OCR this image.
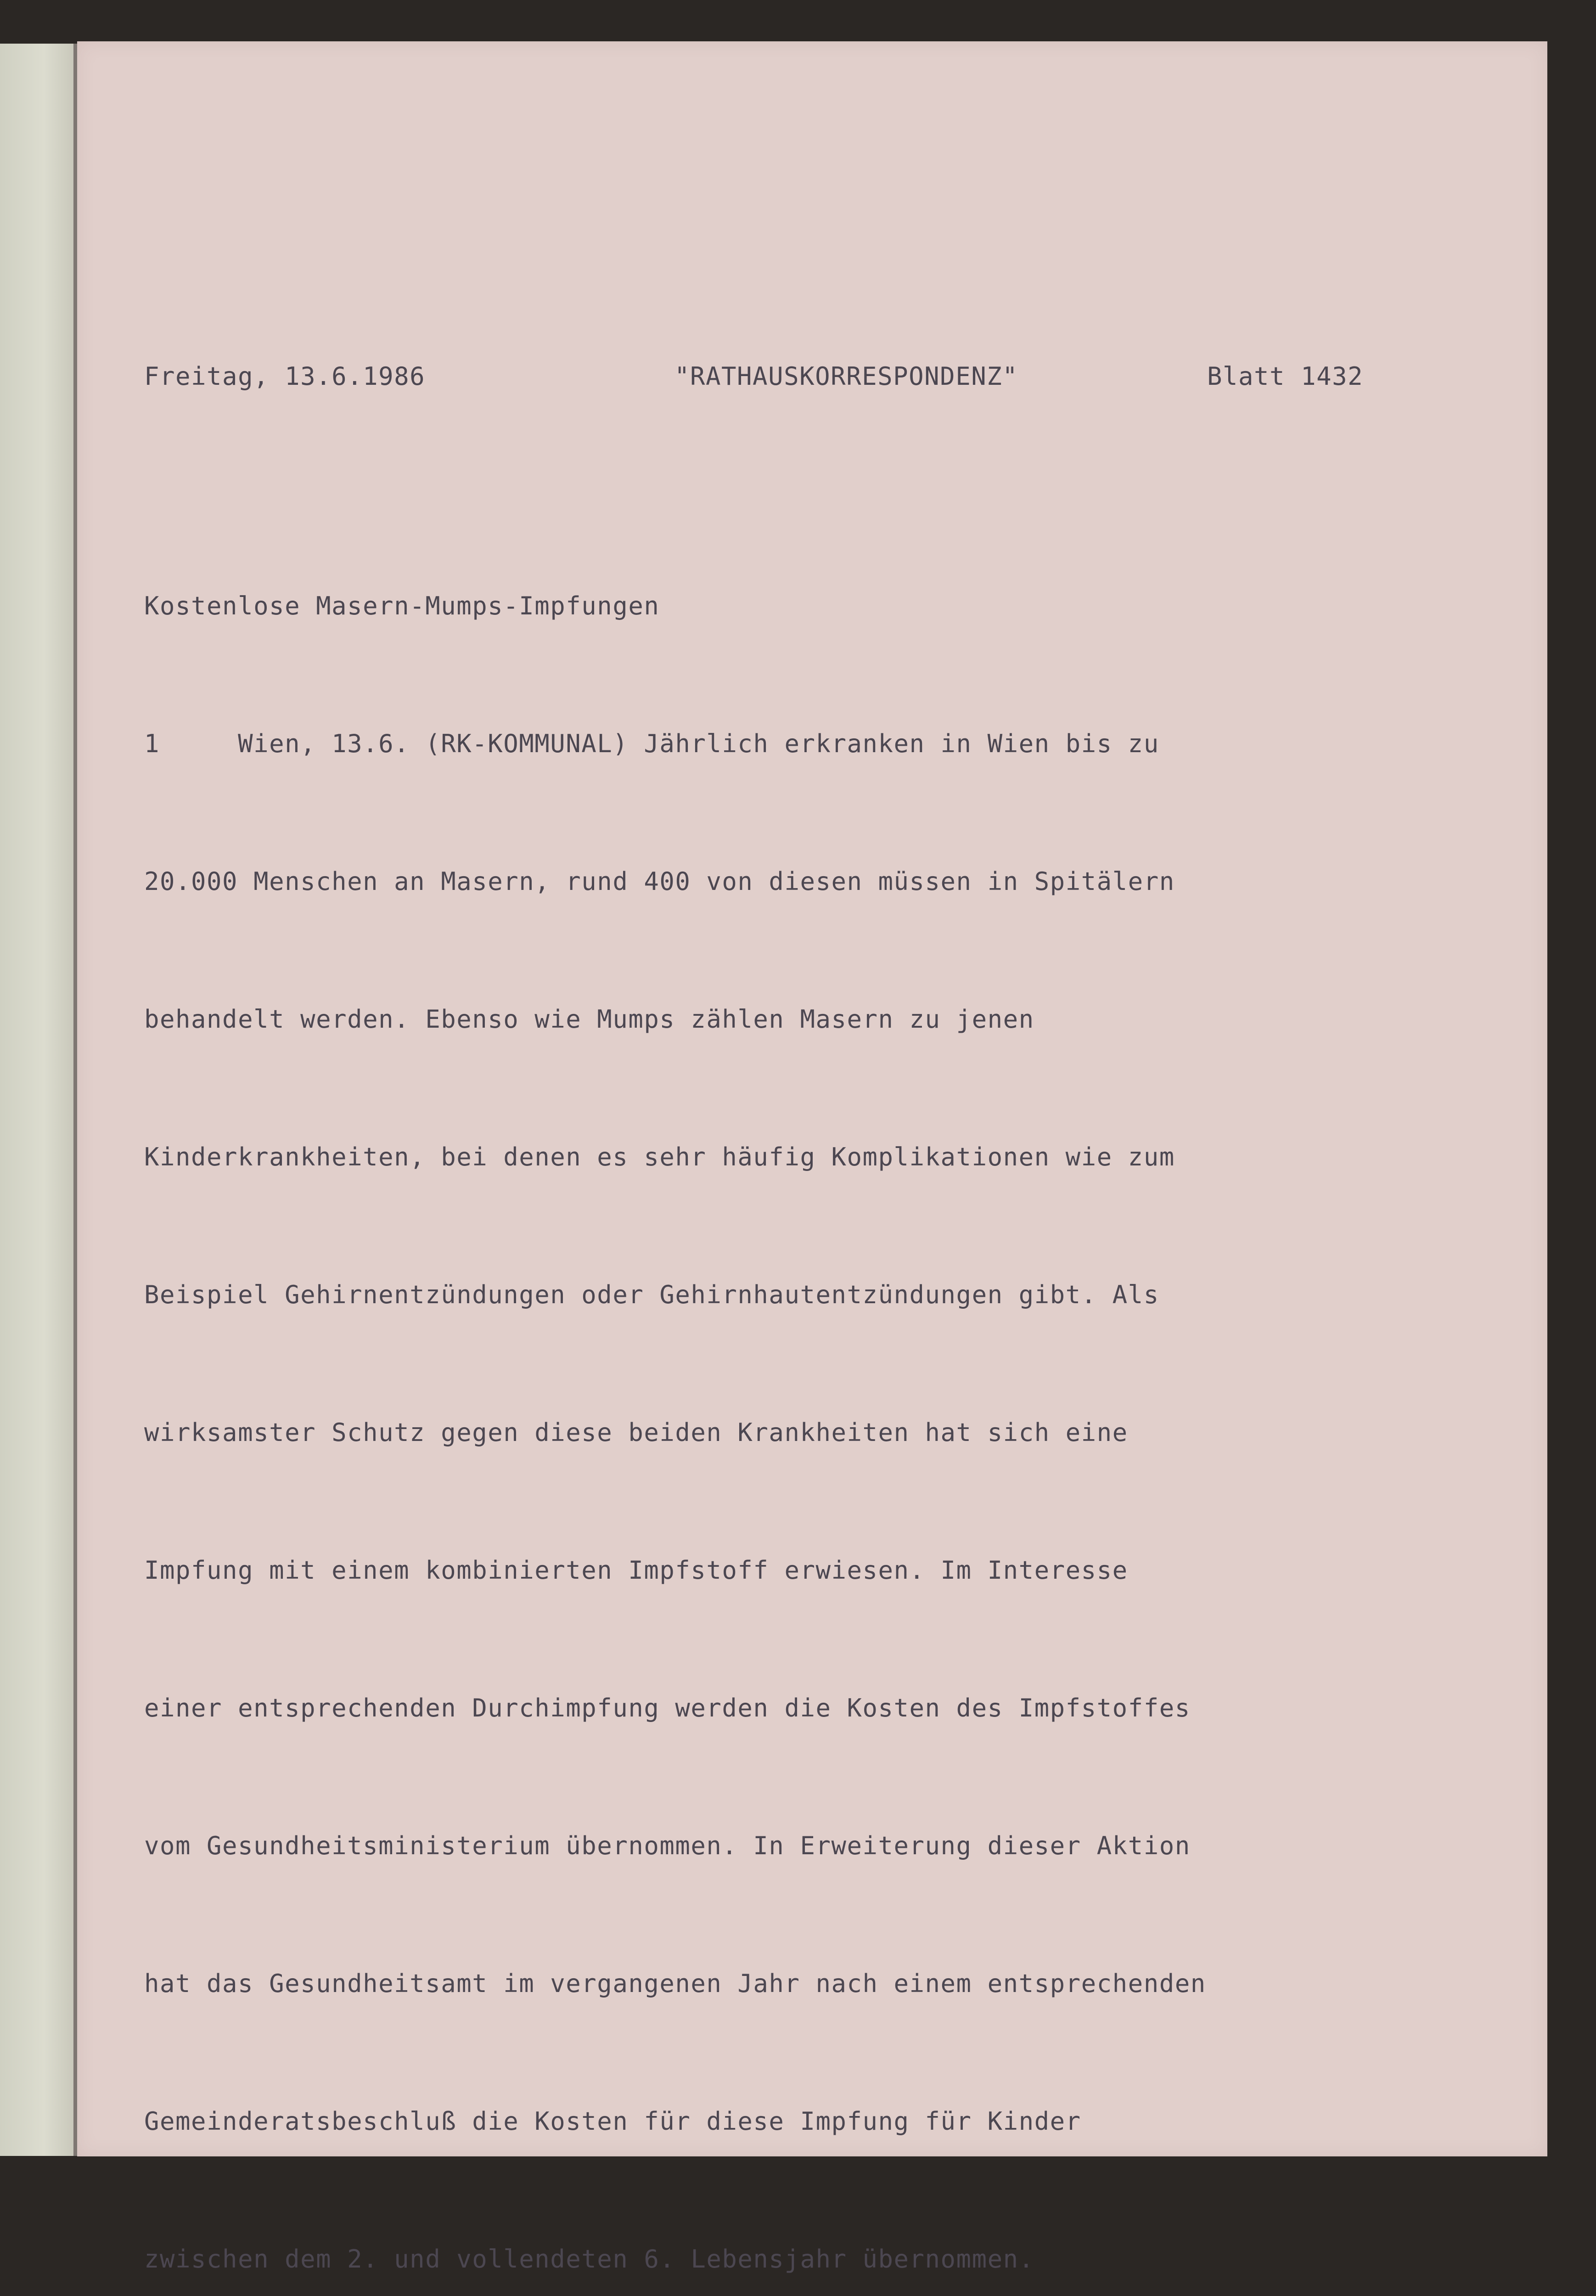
Freitag, 13.6.1986

	"RATHAUSKORRESPONDENZ"

	Blatt 1432

Kostenlose Masern-Mumps-Impfungen

1     Wien, 13.6. (RK-KOMMUNAL) Jährlich erkranken in Wien bis zu

20.000 Menschen an Masern, rund 400 von diesen müssen in Spitälern

behandelt werden. Ebenso wie Mumps zählen Masern zu jenen

Kinderkrankheiten, bei denen es sehr häufig Komplikationen wie zum

Beispiel Gehirnentzündungen oder Gehirnhautentzündungen gibt. Als

wirksamster Schutz gegen diese beiden Krankheiten hat sich eine

Impfung mit einem kombinierten Impfstoff erwiesen. Im Interesse

einer entsprechenden Durchimpfung werden die Kosten des Impfstoffes

vom Gesundheitsministerium übernommen. In Erweiterung dieser Aktion

hat das Gesundheitsamt im vergangenen Jahr nach einem entsprechenden

Gemeinderatsbeschluß die Kosten für diese Impfung für Kinder

zwischen dem 2. und vollendeten 6. Lebensjahr übernommen.
